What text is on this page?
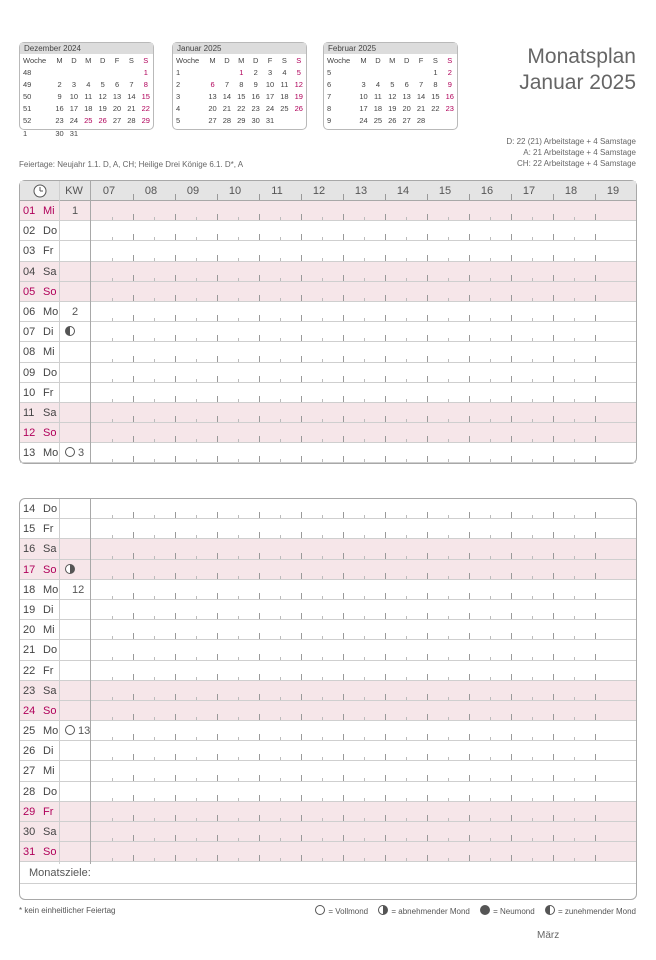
Dezember 2024
Woche	M	D	M	D	F	S	S
48							1
49	2	3	4	5	6	7	8
50	9	10	11	12	13	14	15
51	16	17	18	19	20	21	22
52	23	24	25	26	27	28	29
1	30	31					
Januar 2025
Woche	M	D	M	D	F	S	S
1			1	2	3	4	5
2	6	7	8	9	10	11	12
3	13	14	15	16	17	18	19
4	20	21	22	23	24	25	26
5	27	28	29	30	31		
Februar 2025
Woche	M	D	M	D	F	S	S
5						1	2
6	3	4	5	6	7	8	9
7	10	11	12	13	14	15	16
8	17	18	19	20	21	22	23
9	24	25	26	27	28		
Monatsplan
Januar 2025
D: 22 (21) Arbeitstage + 4 Samstage
A: 21 Arbeitstage + 4 Samstage
CH: 22 Arbeitstage + 4 Samstage
Feiertage: Neujahr 1.1. D, A, CH; Heilige Drei Könige 6.1. D*, A
KW 07	08	09	10	11	12	13	14	15	16	17	18	19
01 Mi 1
02 Do
03 Fr
04 Sa
05 So
06 Mo 2
07 Di
08 Mi
09 Do
10 Fr
11 Sa
12 So
13 Mo	3
14 Do
15 Fr
16 Sa
17 So
18 Mo 12
19 Di
20 Mi
21 Do
22 Fr
23 Sa
24 So
25 Mo	13
26 Di
27 Mi
28 Do
29 Fr
30 Sa
31 So
Monatsziele:
* kein einheitlicher Feiertag	= Vollmond	= abnehmender Mond	= Neumond	= zunehmender Mond
März
